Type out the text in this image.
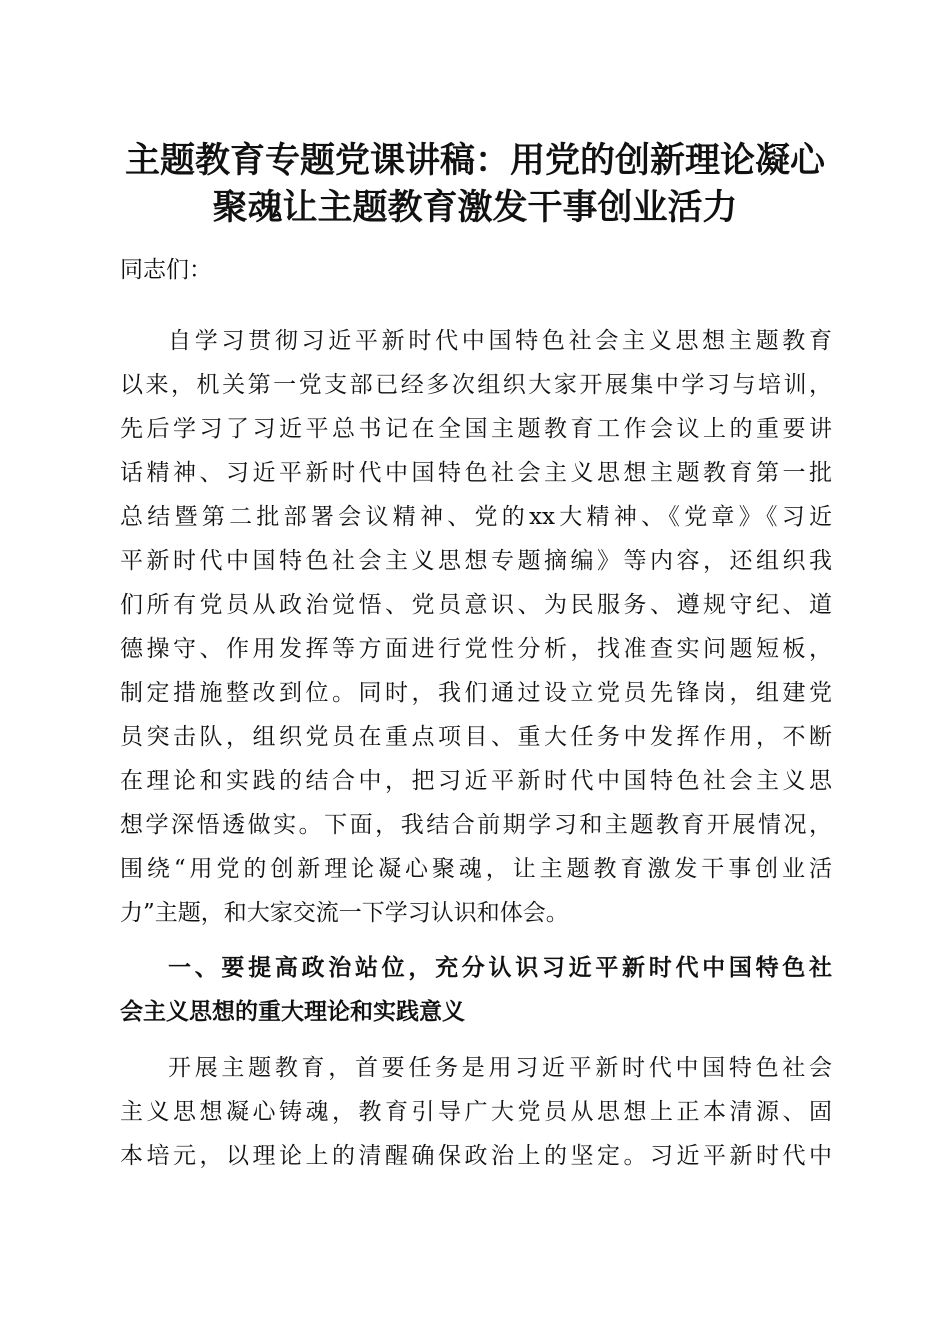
主题教育专题党课讲稿：用党的创新理论凝心
聚魂让主题教育激发干事创业活力
同志们：
自学习贯彻习近平新时代中国特色社会主义思想主题教育
以来，机关第一党支部已经多次组织大家开展集中学习与培训，
先后学习了习近平总书记在全国主题教育工作会议上的重要讲
话精神、习近平新时代中国特色社会主义思想主题教育第一批
总结暨第二批部署会议精神、党的xx大精神、《党章》《习近
平新时代中国特色社会主义思想专题摘编》等内容，还组织我
们所有党员从政治觉悟、党员意识、为民服务、遵规守纪、道
德操守、作用发挥等方面进行党性分析，找准查实问题短板，
制定措施整改到位。同时，我们通过设立党员先锋岗，组建党
员突击队，组织党员在重点项目、重大任务中发挥作用，不断
在理论和实践的结合中，把习近平新时代中国特色社会主义思
想学深悟透做实。下面，我结合前期学习和主题教育开展情况，
围绕“用党的创新理论凝心聚魂，让主题教育激发干事创业活
力”主题，和大家交流一下学习认识和体会。
一、要提高政治站位，充分认识习近平新时代中国特色社
会主义思想的重大理论和实践意义
开展主题教育，首要任务是用习近平新时代中国特色社会
主义思想凝心铸魂，教育引导广大党员从思想上正本清源、固
本培元，以理论上的清醒确保政治上的坚定。习近平新时代中
